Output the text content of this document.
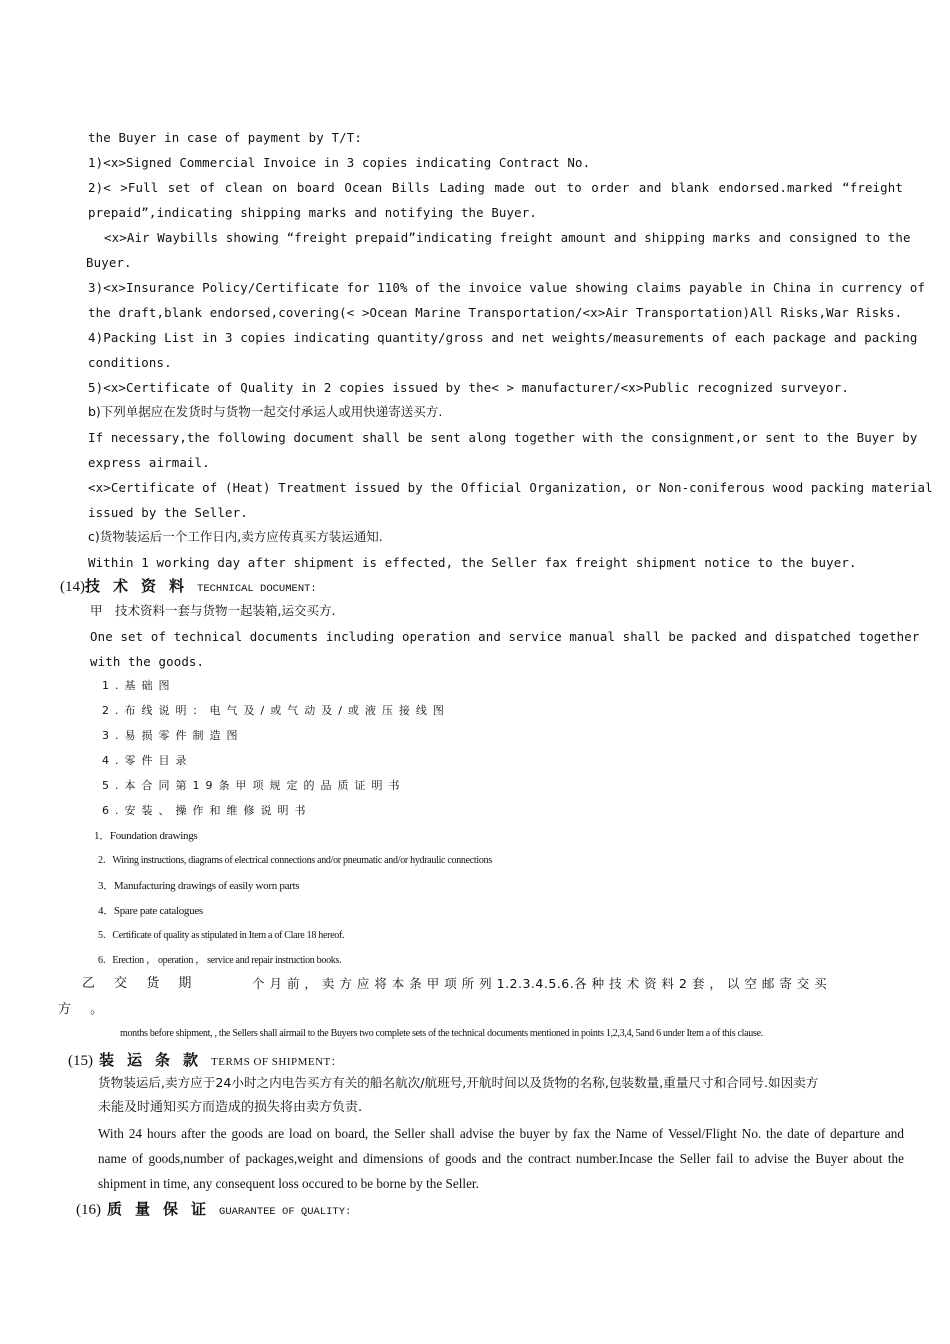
the Buyer in case of payment by T/T:
1)<x>Signed Commercial Invoice in 3 copies indicating Contract No.
2)< >Full set of clean on board Ocean Bills Lading made out to order and blank endorsed.marked “freight
prepaid”,indicating shipping marks and notifying the Buyer.
<x>Air Waybills showing “freight prepaid”indicating freight amount and shipping marks and consigned to the
Buyer.
3)<x>Insurance Policy/Certificate for 110% of the invoice value showing claims payable in China in currency of
the draft,blank endorsed,covering(< >Ocean Marine Transportation/<x>Air Transportation)All Risks,War Risks.
4)Packing List in 3 copies indicating quantity/gross and net weights/measurements of each package and packing
conditions.
5)<x>Certificate of Quality in 2 copies issued by the< > manufacturer/<x>Public recognized surveyor.
b)下列单据应在发货时与货物一起交付承运人或用快递寄送买方.
If necessary,the following document shall be sent along together with the consignment,or sent to the Buyer by
express airmail.
<x>Certificate of (Heat) Treatment issued by the Official Organization, or Non-coniferous wood packing material
issued by the Seller.
c)货物装运后一个工作日内,卖方应传真买方装运通知.
Within 1 working day after shipment is effected, the Seller fax freight shipment notice to the buyer.
(14)技术资料TECHNICAL DOCUMENT:
甲　技术资料一套与货物一起装箱,运交买方.
One set of technical documents including operation and service manual shall be packed and dispatched together
with the goods.
1.基础图
2.布线说明：电气及/或气动及/或液压接线图
3.易损零件制造图
4.零件目录
5.本合同第19条甲项规定的品质证明书
6.安装、操作和维修说明书
1．Foundation drawings
2．Wiring instructions, diagrams of electrical connections and/or pneumatic and/or hydraulic connections
3．Manufacturing drawings of easily worn parts
4．Spare pate catalogues
5．Certificate of quality as stipulated in Item a of Clare 18 hereof.
6．Erection ， operation ， service and repair instruction books.
乙 交 货 期	个 月 前 ， 卖 方 应 将 本 条 甲 项 所 列 1.2.3.4.5.6.各 种 技 术 资 料 2 套 ， 以 空 邮 寄 交 买
方 。
months before shipment, , the Sellers shall airmail to the Buyers two complete sets of the technical documents mentioned in points 1,2,3,4, 5and 6 under Item a of this clause.
(15) 装运条款TERMS OF SHIPMENT：
货物装运后,卖方应于24小时之内电告买方有关的船名航次/航班号,开航时间以及货物的名称,包装数量,重量尺寸和合同号.如因卖方
未能及时通知买方而造成的损失将由卖方负责.
With 24 hours after the goods are load on board, the Seller shall advise the buyer by fax the Name of Vessel/Flight No. the date of departure and
name of goods,number of packages,weight and dimensions of goods and the contract number.Incase the Seller fail to advise the Buyer about the
shipment in time, any consequent loss occured to be borne by the Seller.
(16) 质量保证GUARANTEE OF QUALITY:
